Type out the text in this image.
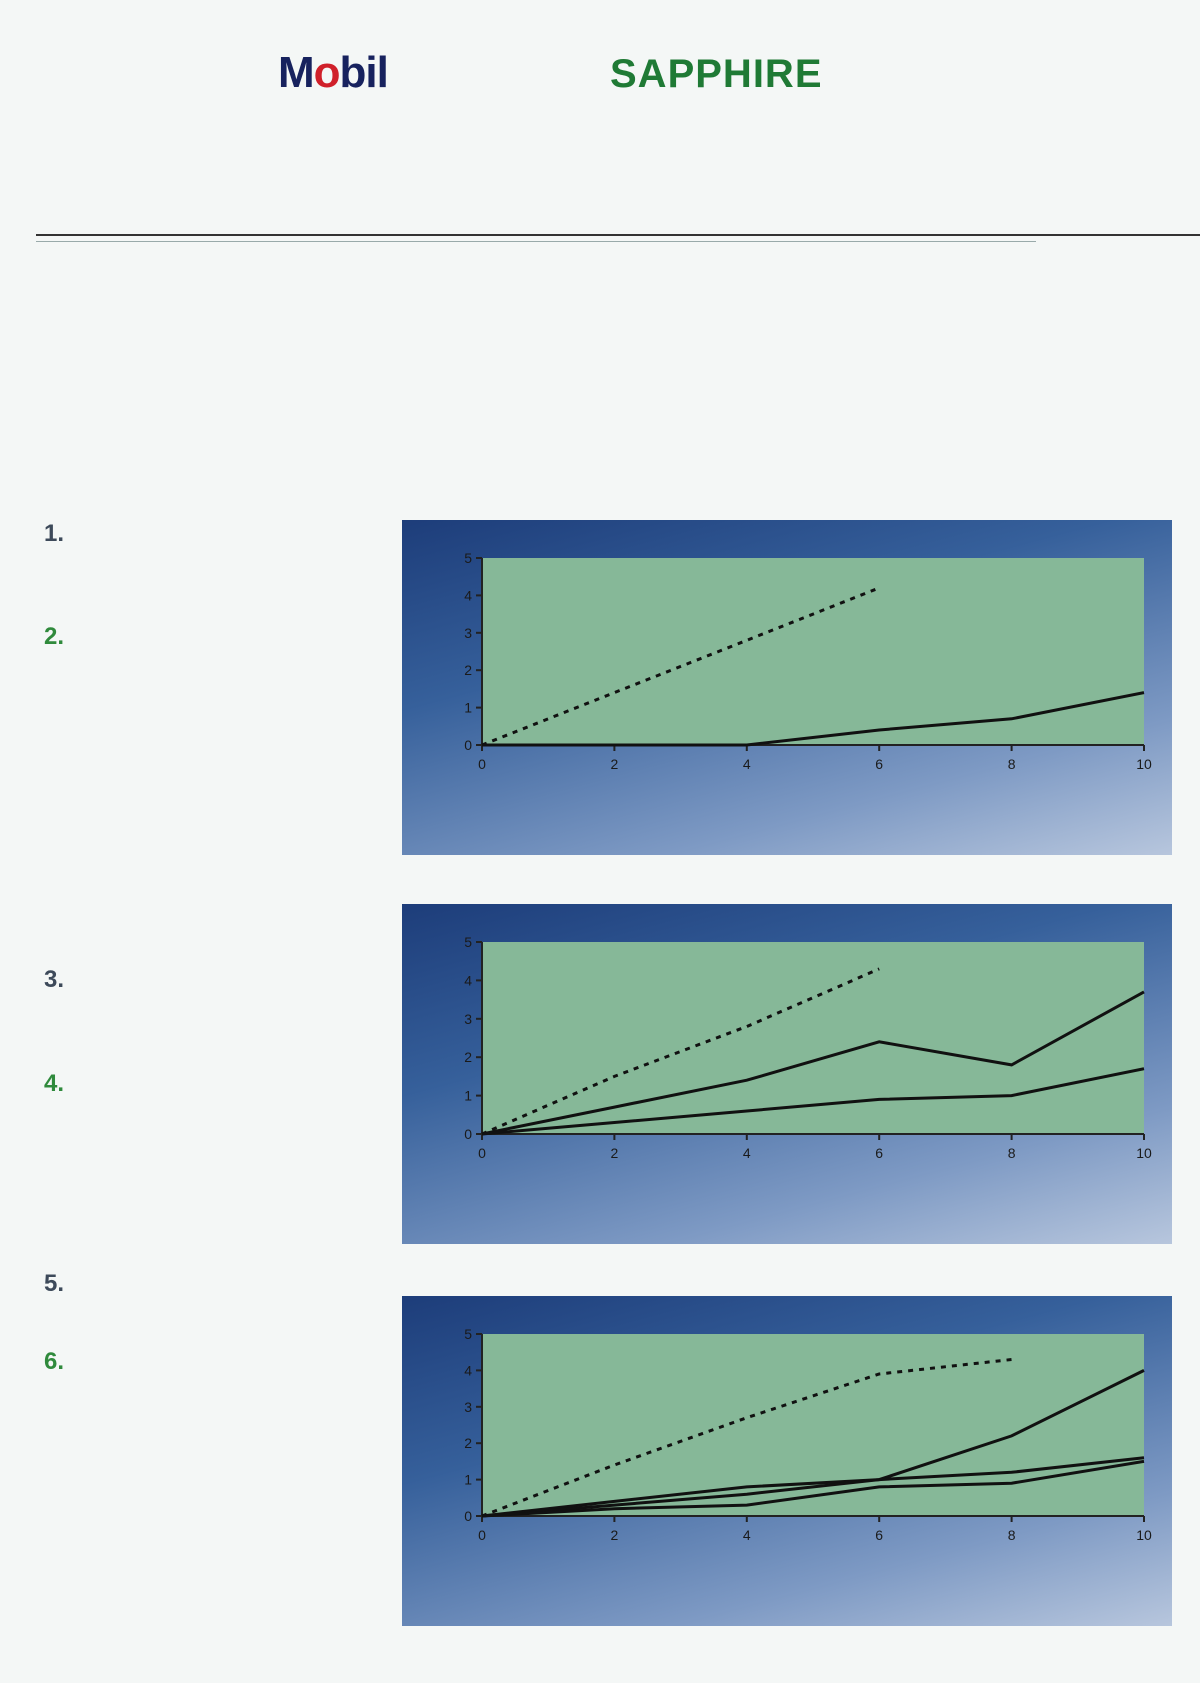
Mobil	SAPPHIRE

1.
2.
3.
4.
5.
6.
0	2	4	6	8	10
0
1
2
3
4
5
0	2	4	6	8	10
0
1
2
3
4
5
0	2	4	6	8	10
0
1
2
3
4
5
